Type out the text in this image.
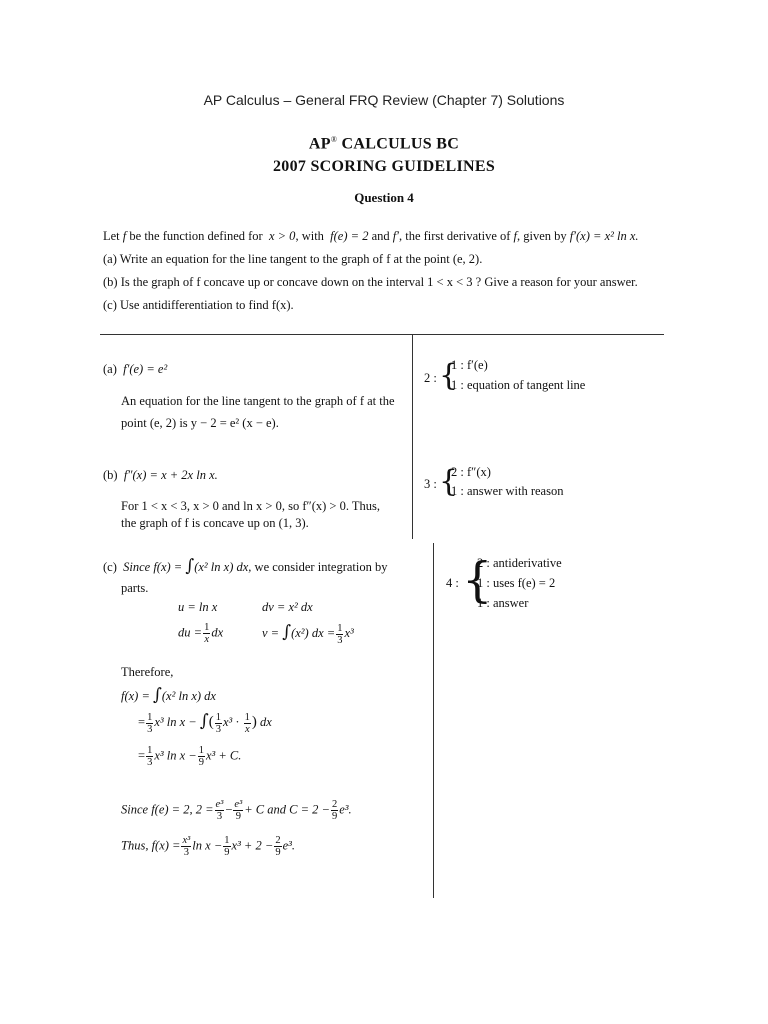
AP Calculus – General FRQ Review (Chapter 7) Solutions
AP® CALCULUS BC
2007 SCORING GUIDELINES
Question 4
Let f be the function defined for  x > 0, with  f(e) = 2 and f′, the first derivative of f, given by f′(x) = x² ln x.
(a) Write an equation for the line tangent to the graph of f at the point (e, 2).
(b) Is the graph of f concave up or concave down on the interval 1 < x < 3 ? Give a reason for your answer.
(c) Use antidifferentiation to find f(x).
(a) f′(e) = e²
An equation for the line tangent to the graph of f at the
point (e, 2) is y − 2 = e² (x − e).
2 : {
1 : f′(e)
1 : equation of tangent line
(b) f″(x) = x + 2x ln x.
For 1 < x < 3, x > 0 and ln x > 0, so f″(x) > 0. Thus,
the graph of f is concave up on (1, 3).
3 : {
2 : f″(x)
1 : answer with reason
(c) Since f(x) = ∫(x² ln x) dx, we consider integration by
parts.
u = ln x	dv = x² dx
du = $\frac{1}{x}$ dx	v = ∫(x²) dx = $\frac{1}{3} x^3$
Therefore,
f(x) = ∫(x² ln x) dx
= $\frac{1}{3} x^3$ ln x − ∫( $\frac{1}{3} x^3 \cdot \frac{1}{x}$ ) dx
= $\frac{1}{3} x^3$ $\ln x - \frac{1}{9} x^3 + C$.
Since f(e) = 2, $2 = \frac{\text{e³}}{3} - \frac{\text{e³}}{9} + C$ and $C = 2 - \frac{2}{9} e^3$.
Thus, $f(x) = \frac{\text{x³}}{3}$ $\ln x - \frac{1}{9} x^3 + 2 - \frac{2}{9} e^3$.
4 : {
2 : antiderivative
1 : uses f(e) = 2
1 : answer
